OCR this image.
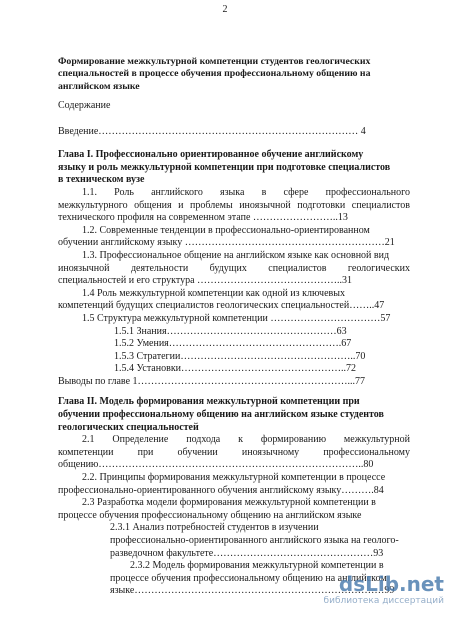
2
Формирование межкультурной компетенции студентов геологических
специальностей в процессе обучения профессиональному общению на
английском языке
Содержание
Введение…………………………………………………………………… 4
Глава I. Профессионально ориентированное обучение английскому
языку и роль межкультурной компетенции при подготовке специалистов
в техническом вузе
1.1. Роль английского языка в сфере профессионального
межкультурного общения и проблемы иноязычной подготовки специалистов
технического профиля на современном этапе ……………………..13
1.2. Современные тенденции в профессионально-ориентированном
обучении английскому языку ……………………………………………………21
1.3. Профессиональное общение на английском языке как основной вид
иноязычной деятельности будущих специалистов геологических
специальностей и его структура ……………………………………..31
1.4 Роль межкультурной компетенции как одной из ключевых
компетенций будущих специалистов геологических специальностей……..47
1.5 Структура межкультурной компетенции ……………………………57
1.5.1 Знания……………………………………………63
1.5.2 Умения…………………………………………….67
1.5.3 Стратегии……………………………………………..70
1.5.4 Установки…………………………………………..72
Выводы по главе 1………………………………………………………...77
Глава II. Модель формирования межкультурной компетенции при
обучении профессиональному общению на английском языке студентов
геологических специальностей
2.1 Определение подхода к формированию межкультурной
компетенции при обучении иноязычному профессиональному
общению……………………………………………………………………..80
2.2. Принципы формирования межкультурной компетенции в процессе
профессионально-ориентированного обучения английскому языку……….84
2.3 Разработка модели формирования межкультурной компетенции в
процессе обучения профессиональному общению на английском языке
2.3.1 Анализ потребностей студентов в изучении
профессионально-ориентированного английского языка на геолого-
разведочном факультете…………………………………………93
2.3.2 Модель формирования межкультурной компетенции в
процессе обучения профессиональному общению на английском
языке…………………………………………………………………99
dsLib.net
библиотека диссертаций
